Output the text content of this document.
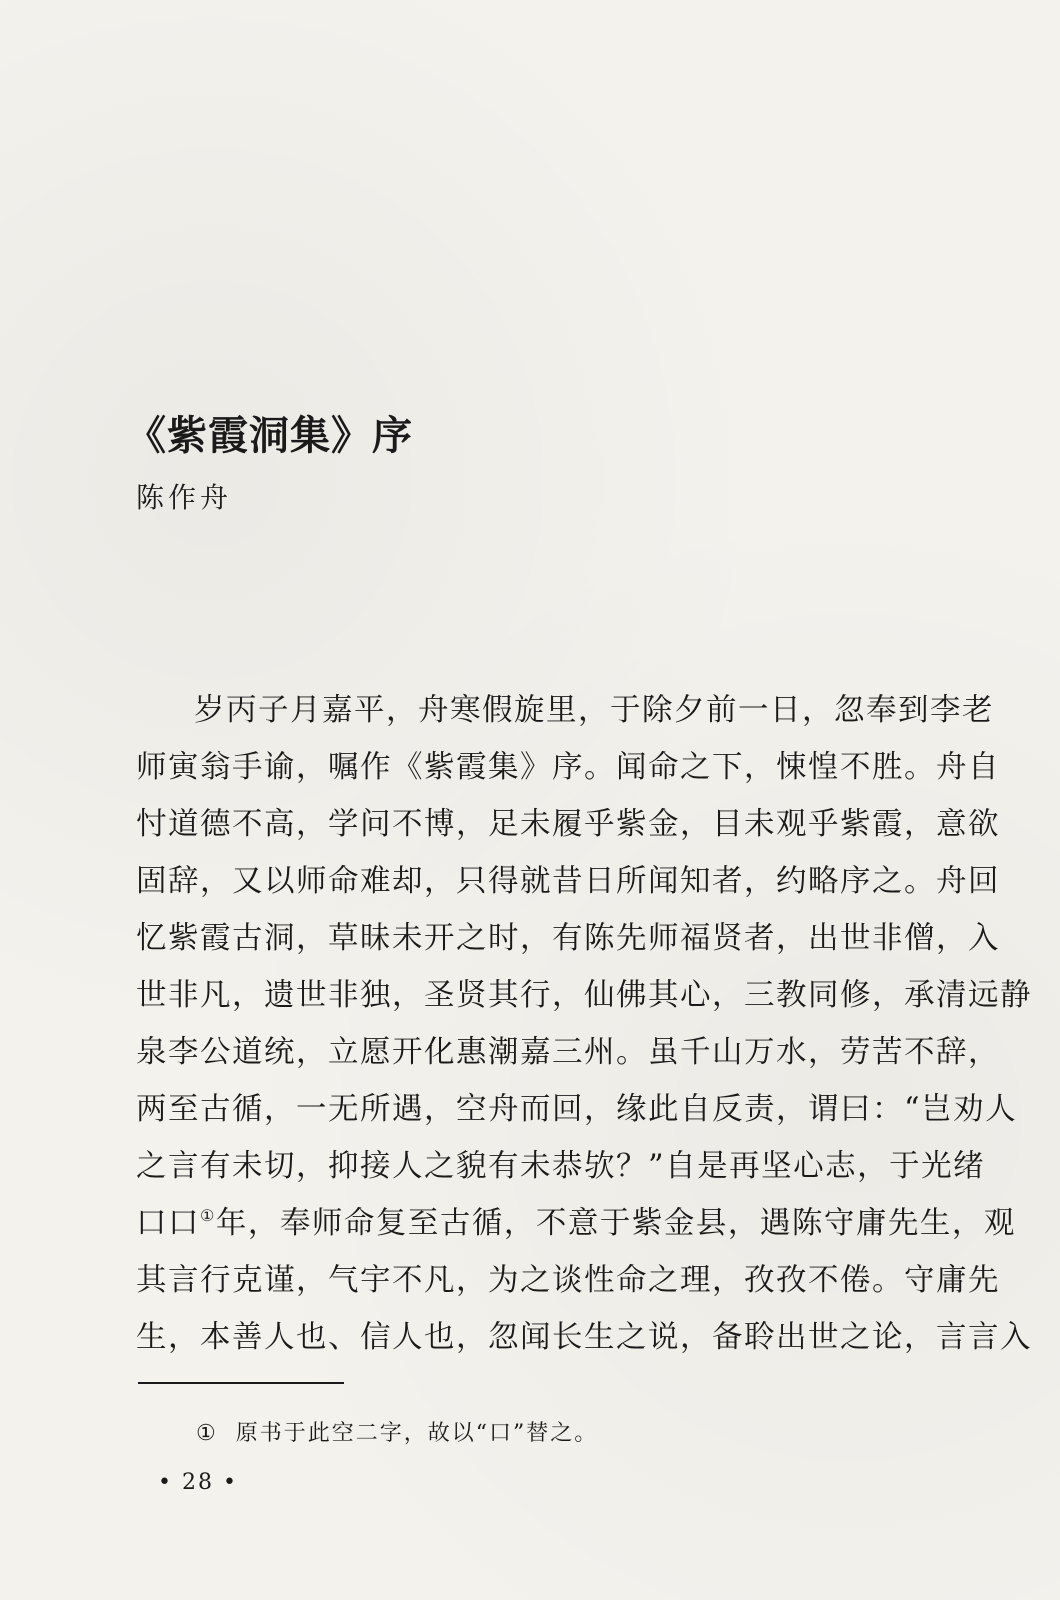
《紫霞洞集》序
陈作舟
岁丙子月嘉平，舟寒假旋里，于除夕前一日，忽奉到李老
师寅翁手谕，嘱作《紫霞集》序。闻命之下，悚惶不胜。舟自
忖道德不高，学问不博，足未履乎紫金，目未观乎紫霞，意欲
固辞，又以师命难却，只得就昔日所闻知者，约略序之。舟回
忆紫霞古洞，草昧未开之时，有陈先师福贤者，出世非僧，入
世非凡，遗世非独，圣贤其行，仙佛其心，三教同修，承清远静
泉李公道统，立愿开化惠潮嘉三州。虽千山万水，劳苦不辞，
两至古循，一无所遇，空舟而回，缘此自反责，谓曰：“岂劝人
之言有未切，抑接人之貌有未恭欤？”自是再坚心志，于光绪
口口①年，奉师命复至古循，不意于紫金县，遇陈守庸先生，观
其言行克谨，气宇不凡，为之谈性命之理，孜孜不倦。守庸先
生，本善人也、信人也，忽闻长生之说，备聆出世之论，言言入
① 原书于此空二字，故以“口”替之。
• 28 •
